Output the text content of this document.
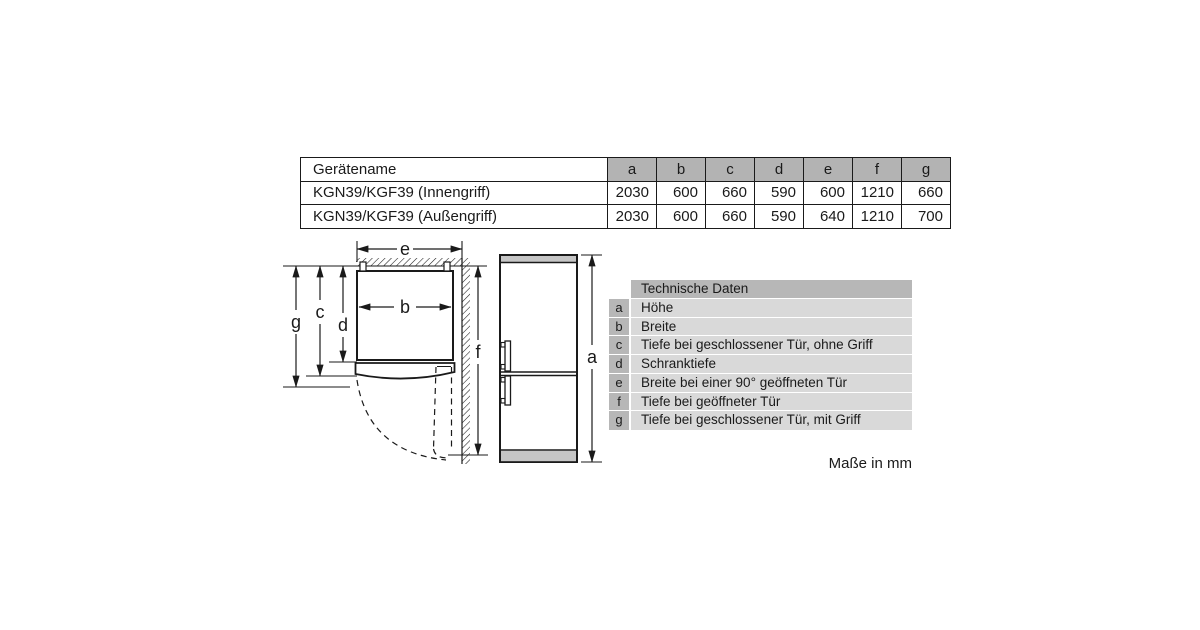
Gerätename	a	b	c	d	e	f	g
KGN39/KGF39 (Innengriff)	2030	600	660	590	600	1210	660
KGN39/KGF39 (Außengriff)	2030	600	660	590	640	1210	700
e
b
c
d
g
f	a
Technische Daten
a	Höhe
b	Breite
c	Tiefe bei geschlossener Tür, ohne Griff
d	Schranktiefe
e	Breite bei einer 90° geöffneten Tür
f	Tiefe bei geöffneter Tür
g	Tiefe bei geschlossener Tür, mit Griff
Maße in mm
